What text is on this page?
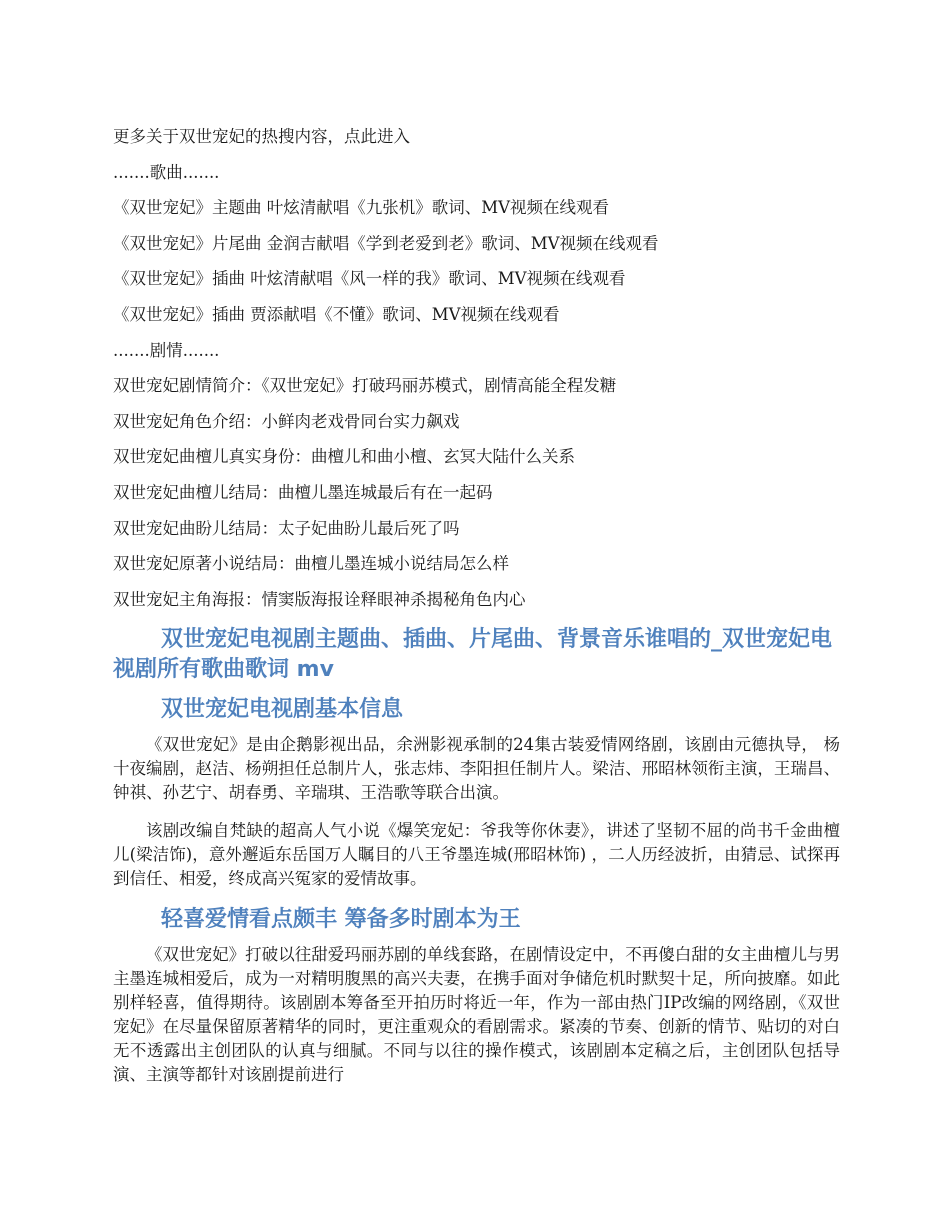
更多关于双世宠妃的热搜内容，点此进入
.......歌曲.......
《双世宠妃》主题曲 叶炫清献唱《九张机》歌词、MV视频在线观看
《双世宠妃》片尾曲 金润吉献唱《学到老爱到老》歌词、MV视频在线观看
《双世宠妃》插曲 叶炫清献唱《风一样的我》歌词、MV视频在线观看
《双世宠妃》插曲 贾添献唱《不懂》歌词、MV视频在线观看
.......剧情.......
双世宠妃剧情简介：《双世宠妃》打破玛丽苏模式，剧情高能全程发糖
双世宠妃角色介绍：小鲜肉老戏骨同台实力飙戏
双世宠妃曲檀儿真实身份：曲檀儿和曲小檀、玄冥大陆什么关系
双世宠妃曲檀儿结局：曲檀儿墨连城最后有在一起码
双世宠妃曲盼儿结局：太子妃曲盼儿最后死了吗
双世宠妃原著小说结局：曲檀儿墨连城小说结局怎么样
双世宠妃主角海报：情窦版海报诠释眼神杀揭秘角色内心
双世宠妃电视剧主题曲、插曲、片尾曲、背景音乐谁唱的_双世宠妃电视剧所有歌曲歌词 mv
双世宠妃电视剧基本信息

《双世宠妃》是由企鹅影视出品，余洲影视承制的24集古装爱情网络剧，该剧由元德执导， 杨十夜编剧，赵洁、杨朔担任总制片人，张志炜、李阳担任制片人。梁洁、邢昭林领衔主演，王瑞昌、钟祺、孙艺宁、胡春勇、辛瑞琪、王浩歌等联合出演。

该剧改编自梵缺的超高人气小说《爆笑宠妃：爷我等你休妻》，讲述了坚韧不屈的尚书千金曲檀儿(梁洁饰)，意外邂逅东岳国万人瞩目的八王爷墨连城(邢昭林饰) ，二人历经波折，由猜忌、试探再到信任、相爱，终成高兴冤家的爱情故事。

轻喜爱情看点颇丰 筹备多时剧本为王

《双世宠妃》打破以往甜爱玛丽苏剧的单线套路，在剧情设定中，不再傻白甜的女主曲檀儿与男主墨连城相爱后，成为一对精明腹黑的高兴夫妻，在携手面对争储危机时默契十足，所向披靡。如此别样轻喜，值得期待。该剧剧本筹备至开拍历时将近一年，作为一部由热门IP改编的网络剧，《双世宠妃》在尽量保留原著精华的同时，更注重观众的看剧需求。紧凑的节奏、创新的情节、贴切的对白无不透露出主创团队的认真与细腻。不同与以往的操作模式，该剧剧本定稿之后，主创团队包括导演、主演等都针对该剧提前进行
